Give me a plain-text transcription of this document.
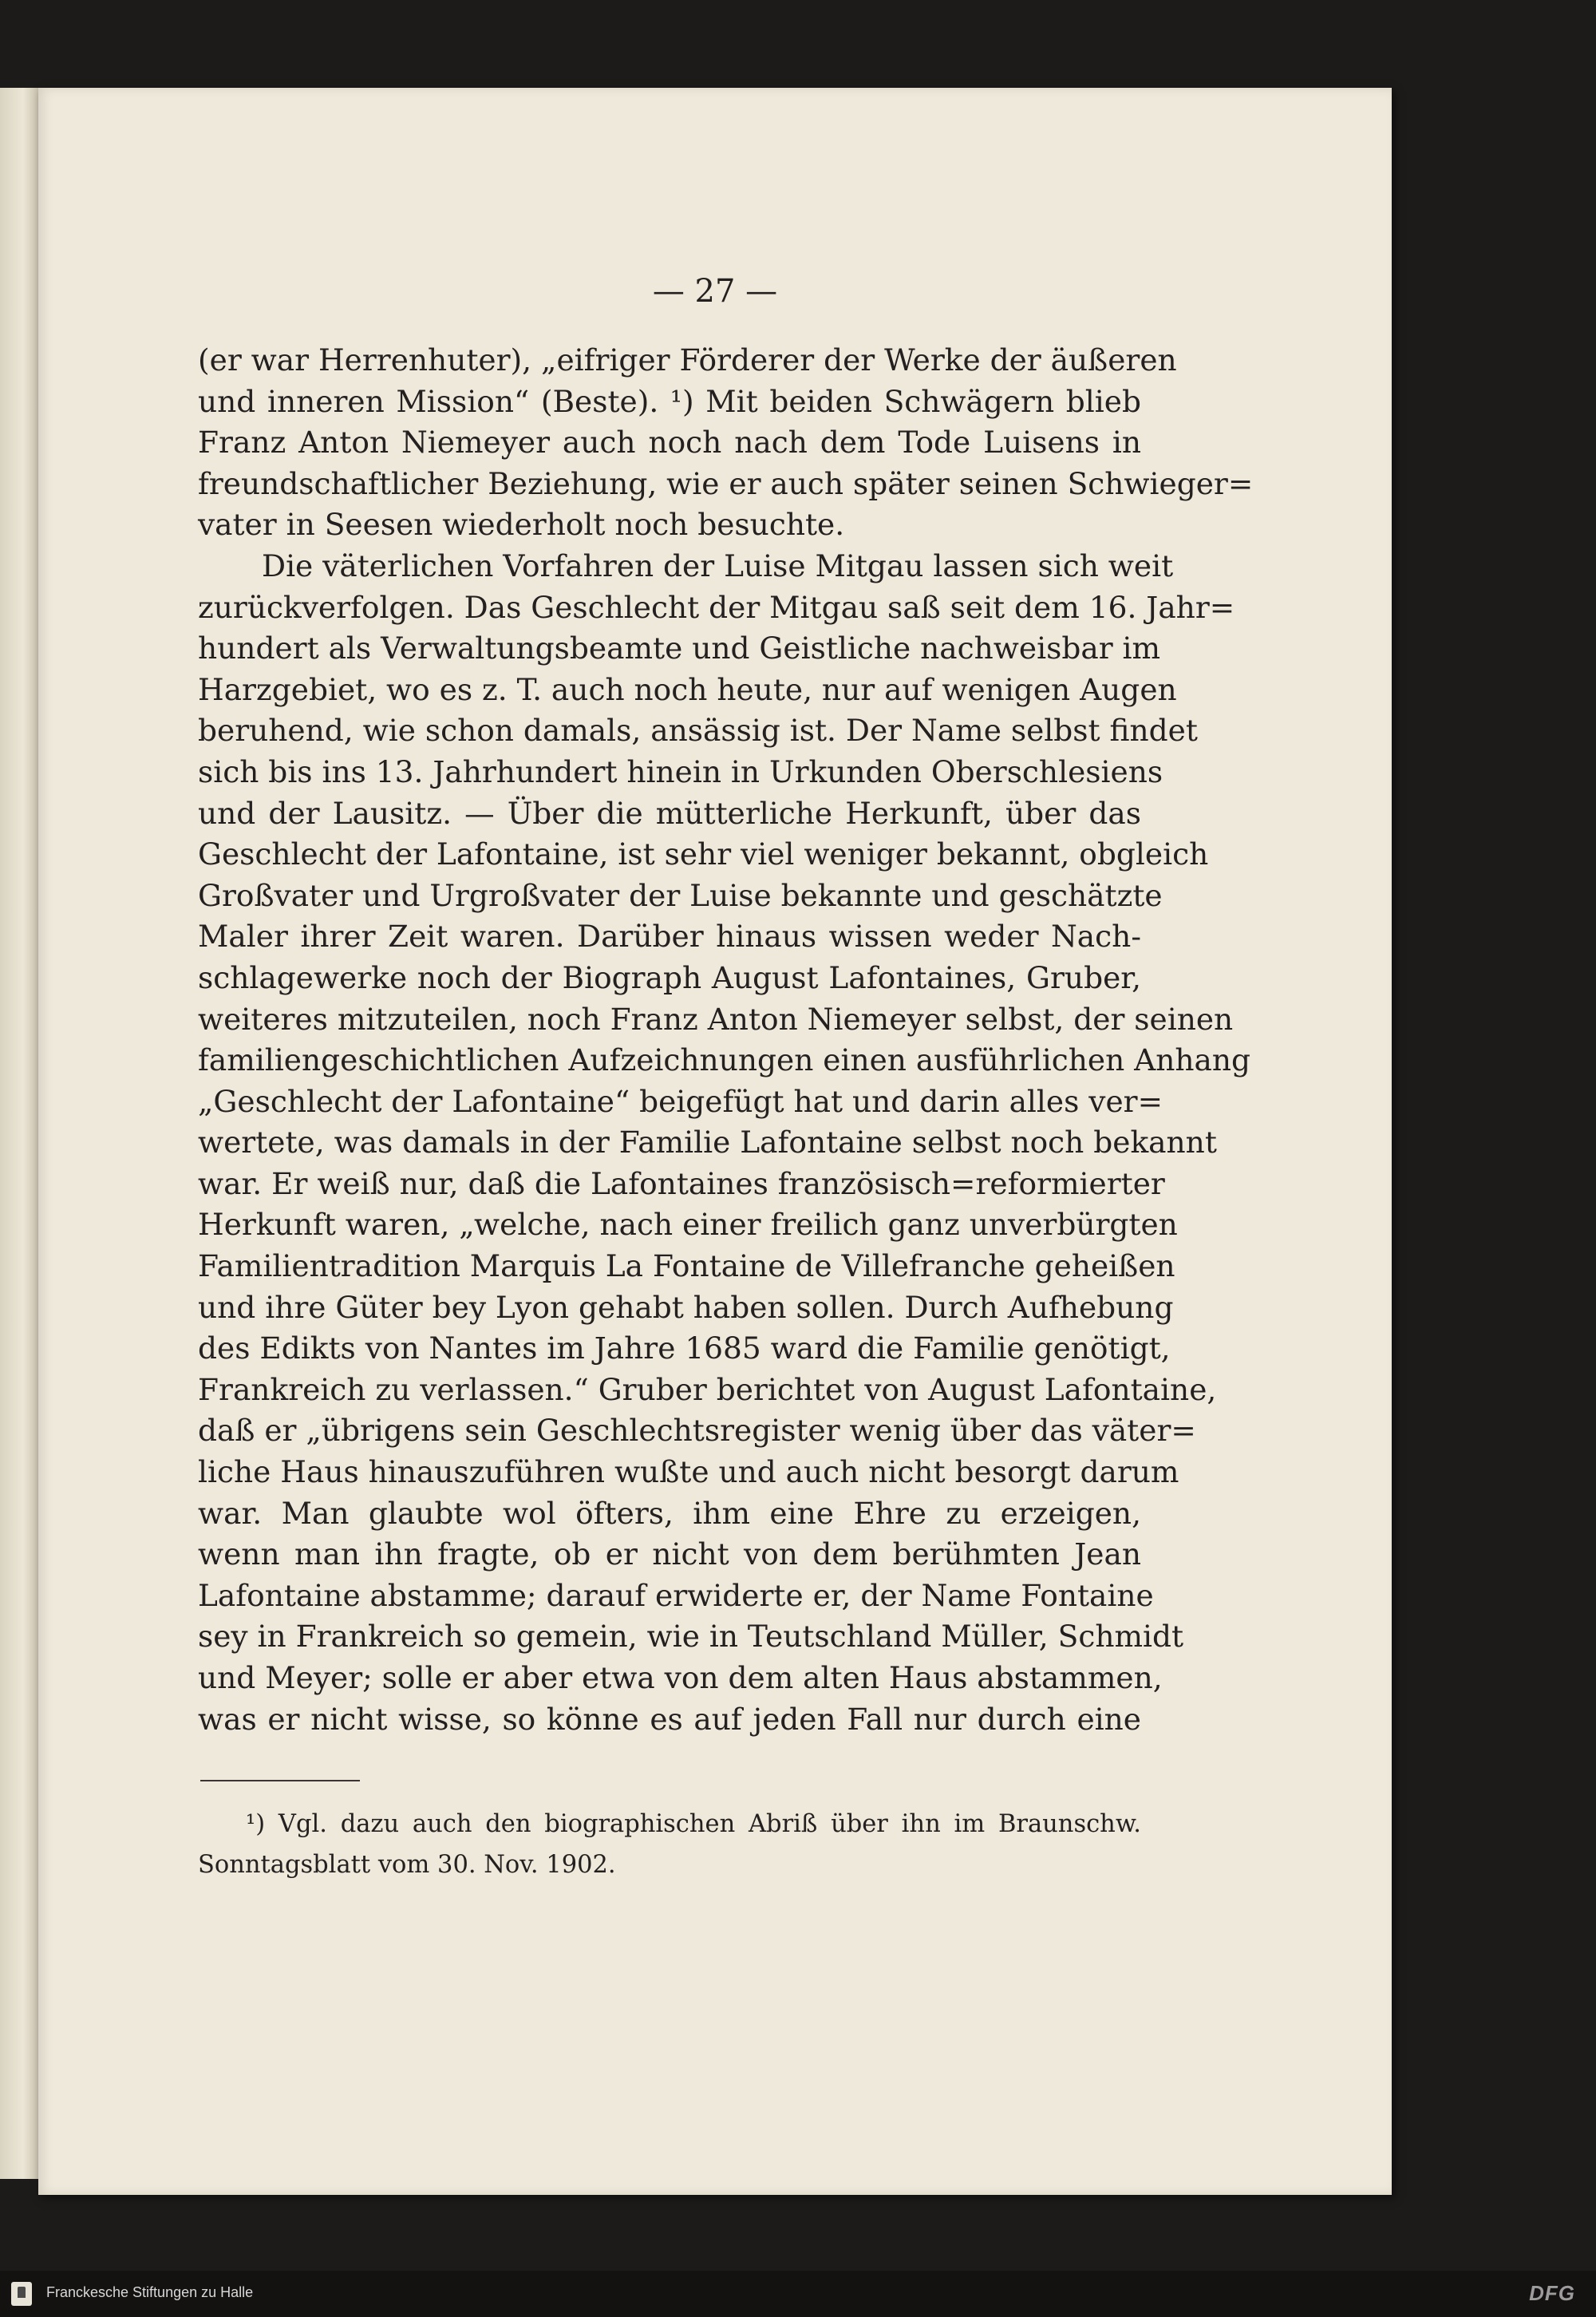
— 27 —
(er war Herrenhuter), „eifriger Förderer der Werke der äußeren
und inneren Mission“ (Beste). ¹) Mit beiden Schwägern blieb
Franz Anton Niemeyer auch noch nach dem Tode Luisens in
freundschaftlicher Beziehung, wie er auch später seinen Schwieger=
vater in Seesen wiederholt noch besuchte.
Die väterlichen Vorfahren der Luise Mitgau lassen sich weit
zurückverfolgen. Das Geschlecht der Mitgau saß seit dem 16. Jahr=
hundert als Verwaltungsbeamte und Geistliche nachweisbar im
Harzgebiet, wo es z. T. auch noch heute, nur auf wenigen Augen
beruhend, wie schon damals, ansässig ist. Der Name selbst findet
sich bis ins 13. Jahrhundert hinein in Urkunden Oberschlesiens
und der Lausitz. — Über die mütterliche Herkunft, über das
Geschlecht der Lafontaine, ist sehr viel weniger bekannt, obgleich
Großvater und Urgroßvater der Luise bekannte und geschätzte
Maler ihrer Zeit waren. Darüber hinaus wissen weder Nach-
schlagewerke noch der Biograph August Lafontaines, Gruber,
weiteres mitzuteilen, noch Franz Anton Niemeyer selbst, der seinen
familiengeschichtlichen Aufzeichnungen einen ausführlichen Anhang
„Geschlecht der Lafontaine“ beigefügt hat und darin alles ver=
wertete, was damals in der Familie Lafontaine selbst noch bekannt
war. Er weiß nur, daß die Lafontaines französisch=reformierter
Herkunft waren, „welche, nach einer freilich ganz unverbürgten
Familientradition Marquis La Fontaine de Villefranche geheißen
und ihre Güter bey Lyon gehabt haben sollen. Durch Aufhebung
des Edikts von Nantes im Jahre 1685 ward die Familie genötigt,
Frankreich zu verlassen.“ Gruber berichtet von August Lafontaine,
daß er „übrigens sein Geschlechtsregister wenig über das väter=
liche Haus hinauszuführen wußte und auch nicht besorgt darum
war. Man glaubte wol öfters, ihm eine Ehre zu erzeigen,
wenn man ihn fragte, ob er nicht von dem berühmten Jean
Lafontaine abstamme; darauf erwiderte er, der Name Fontaine
sey in Frankreich so gemein, wie in Teutschland Müller, Schmidt
und Meyer; solle er aber etwa von dem alten Haus abstammen,
was er nicht wisse, so könne es auf jeden Fall nur durch eine
¹) Vgl. dazu auch den biographischen Abriß über ihn im Braunschw.
Sonntagsblatt vom 30. Nov. 1902.
Franckesche Stiftungen zu Halle	DFG
